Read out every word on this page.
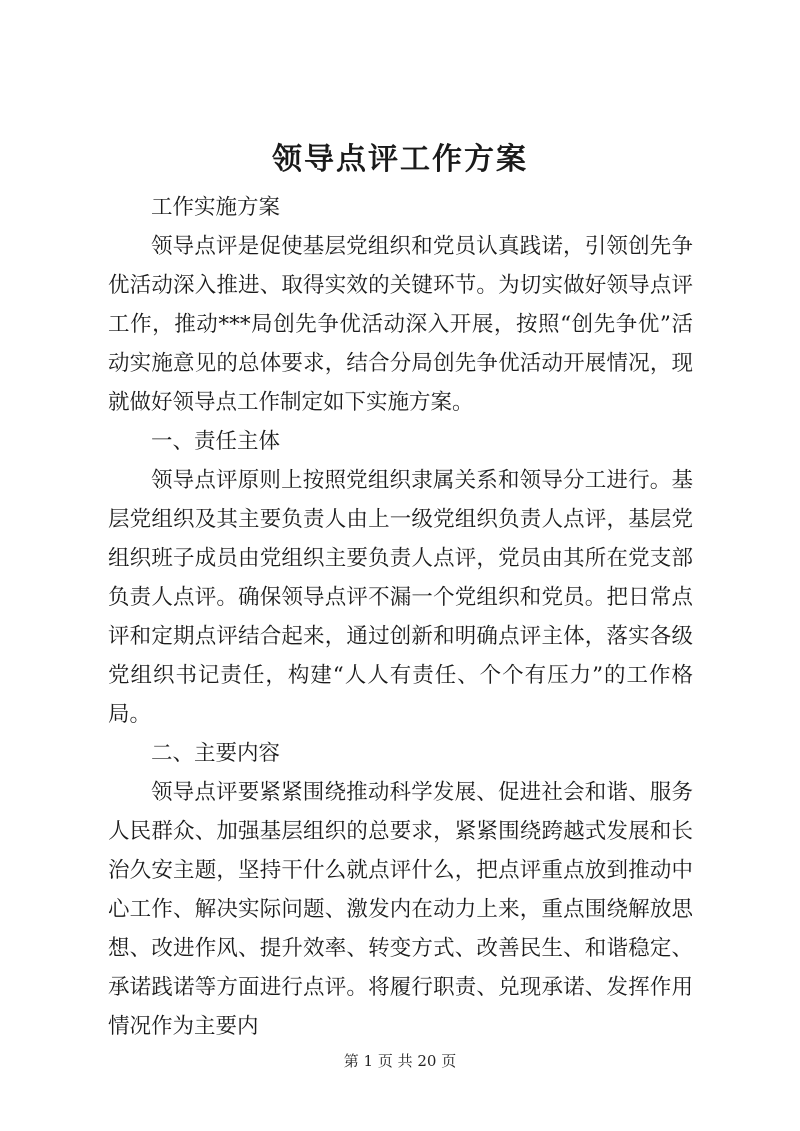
领导点评工作方案

工作实施方案

领导点评是促使基层党组织和党员认真践诺，引领创先争优活动深入推进、取得实效的关键环节。为切实做好领导点评工作，推动***局创先争优活动深入开展，按照“创先争优”活动实施意见的总体要求，结合分局创先争优活动开展情况，现就做好领导点工作制定如下实施方案。

一、责任主体

领导点评原则上按照党组织隶属关系和领导分工进行。基层党组织及其主要负责人由上一级党组织负责人点评，基层党组织班子成员由党组织主要负责人点评，党员由其所在党支部负责人点评。确保领导点评不漏一个党组织和党员。把日常点评和定期点评结合起来，通过创新和明确点评主体，落实各级党组织书记责任，构建“人人有责任、个个有压力”的工作格局。

二、主要内容

领导点评要紧紧围绕推动科学发展、促进社会和谐、服务人民群众、加强基层组织的总要求，紧紧围绕跨越式发展和长治久安主题，坚持干什么就点评什么，把点评重点放到推动中心工作、解决实际问题、激发内在动力上来，重点围绕解放思想、改进作风、提升效率、转变方式、改善民生、和谐稳定、承诺践诺等方面进行点评。将履行职责、兑现承诺、发挥作用情况作为主要内

第 1 页 共 20 页
